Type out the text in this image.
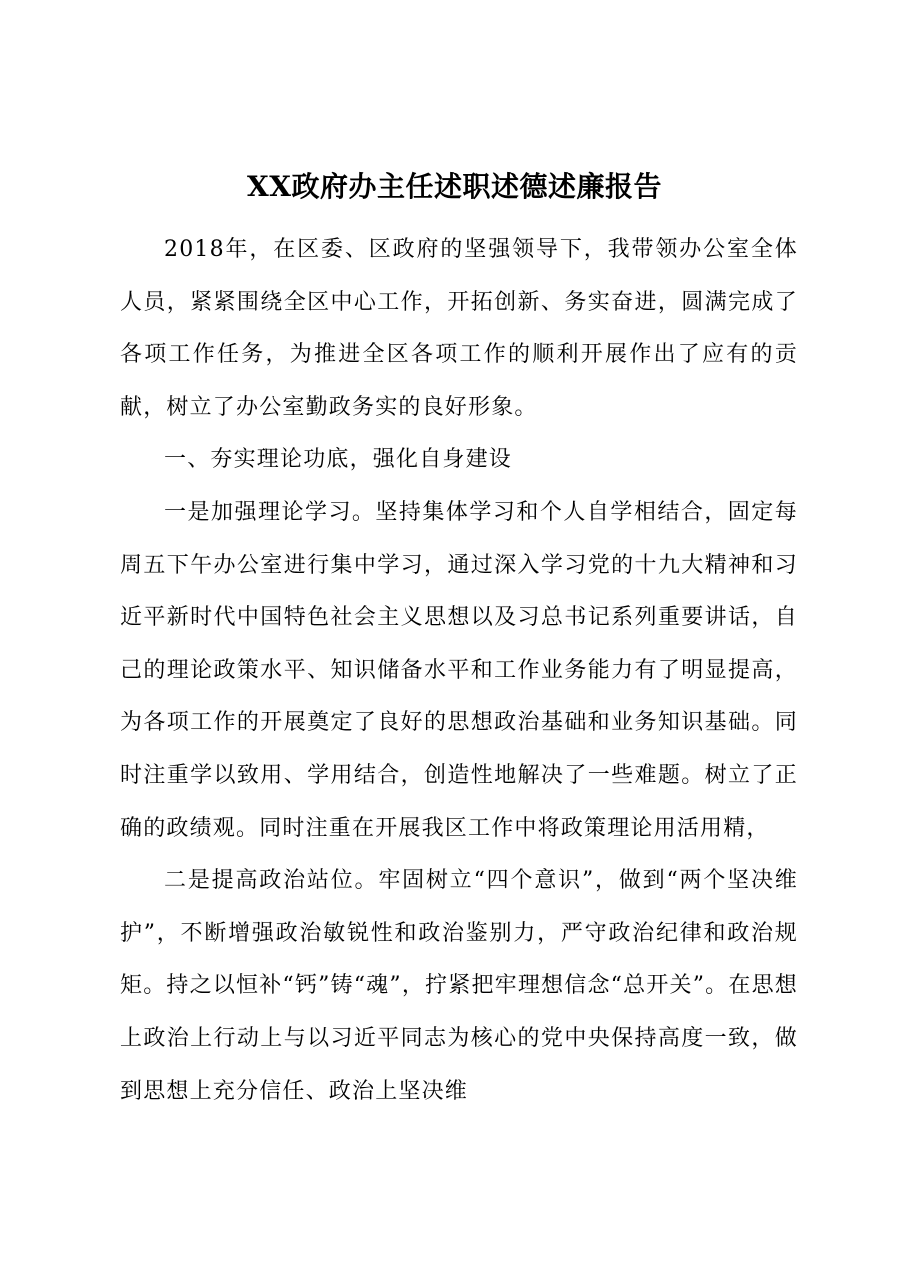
XX政府办主任述职述德述廉报告

2018年，在区委、区政府的坚强领导下，我带领办公室全体人员，紧紧围绕全区中心工作，开拓创新、务实奋进，圆满完成了各项工作任务，为推进全区各项工作的顺利开展作出了应有的贡献，树立了办公室勤政务实的良好形象。

一、夯实理论功底，强化自身建设

一是加强理论学习。坚持集体学习和个人自学相结合，固定每周五下午办公室进行集中学习，通过深入学习党的十九大精神和习近平新时代中国特色社会主义思想以及习总书记系列重要讲话，自己的理论政策水平、知识储备水平和工作业务能力有了明显提高，为各项工作的开展奠定了良好的思想政治基础和业务知识基础。同时注重学以致用、学用结合，创造性地解决了一些难题。树立了正确的政绩观。同时注重在开展我区工作中将政策理论用活用精，

二是提高政治站位。牢固树立“四个意识”，做到“两个坚决维护”，不断增强政治敏锐性和政治鉴别力，严守政治纪律和政治规矩。持之以恒补“钙”铸“魂”，拧紧把牢理想信念“总开关”。在思想上政治上行动上与以习近平同志为核心的党中央保持高度一致，做到思想上充分信任、政治上坚决维
